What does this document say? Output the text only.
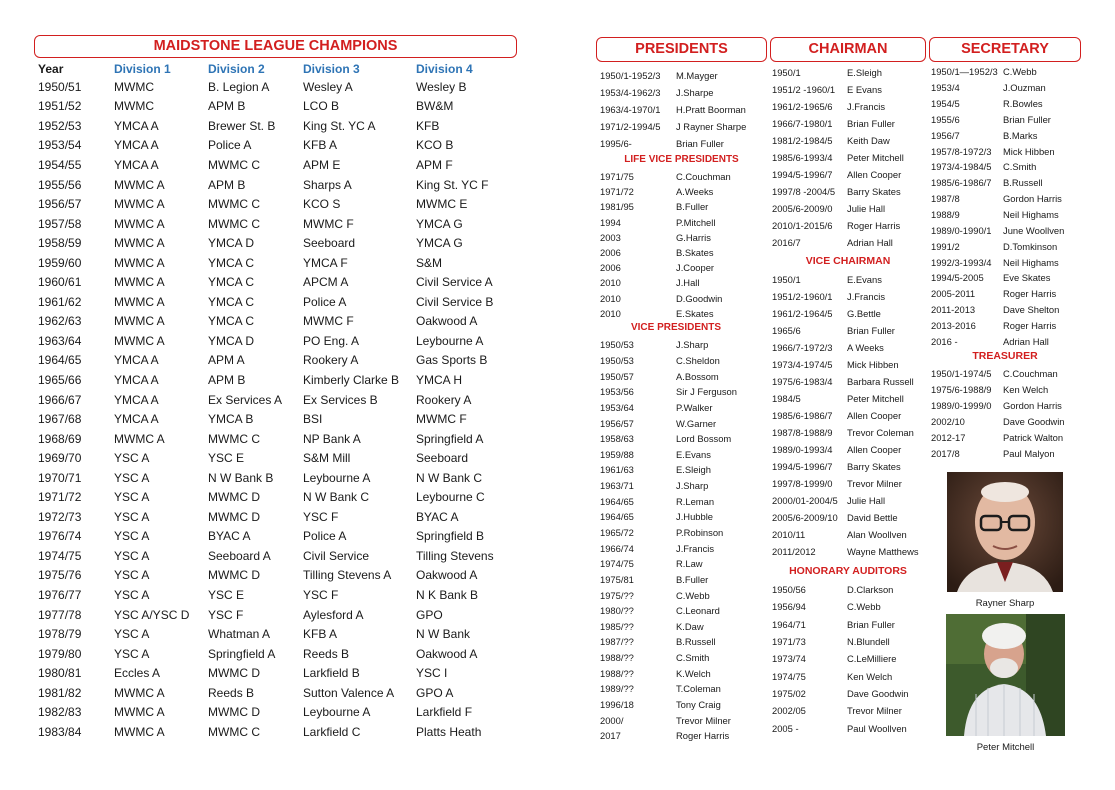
MAIDSTONE LEAGUE CHAMPIONS
Year	Division 1	Division 2	Division 3	Division 4
1950/51	MWMC	B. Legion A	Wesley A	Wesley B
1951/52	MWMC	APM B	LCO B	BW&M
1952/53	YMCA A	Brewer St. B	King St. YC A	KFB
1953/54	YMCA A	Police A	KFB A	KCO B
1954/55	YMCA A	MWMC C	APM E	APM F
1955/56	MWMC A	APM B	Sharps A	King St. YC F
1956/57	MWMC A	MWMC C	KCO S	MWMC E
1957/58	MWMC A	MWMC C	MWMC F	YMCA G
1958/59	MWMC A	YMCA D	Seeboard	YMCA G
1959/60	MWMC A	YMCA C	YMCA F	S&M
1960/61	MWMC A	YMCA C	APCM A	Civil Service A
1961/62	MWMC A	YMCA C	Police A	Civil Service B
1962/63	MWMC A	YMCA C	MWMC F	Oakwood A
1963/64	MWMC A	YMCA D	PO Eng. A	Leybourne A
1964/65	YMCA A	APM A	Rookery A	Gas Sports B
1965/66	YMCA A	APM B	Kimberly Clarke B	YMCA H
1966/67	YMCA A	Ex Services A	Ex Services B	Rookery A
1967/68	YMCA A	YMCA B	BSI	MWMC F
1968/69	MWMC A	MWMC C	NP Bank A	Springfield A
1969/70	YSC A	YSC E	S&M Mill	Seeboard
1970/71	YSC A	N W Bank B	Leybourne A	N W Bank C
1971/72	YSC A	MWMC D	N W Bank C	Leybourne C
1972/73	YSC A	MWMC D	YSC F	BYAC A
1976/74	YSC A	BYAC A	Police A	Springfield B
1974/75	YSC A	Seeboard A	Civil Service	Tilling Stevens
1975/76	YSC A	MWMC D	Tilling Stevens A	Oakwood A
1976/77	YSC A	YSC E	YSC F	N K Bank B
1977/78	YSC A/YSC D	YSC F	Aylesford A	GPO
1978/79	YSC A	Whatman A	KFB A	N W Bank
1979/80	YSC A	Springfield A	Reeds B	Oakwood A
1980/81	Eccles A	MWMC D	Larkfield B	YSC I
1981/82	MWMC A	Reeds B	Sutton Valence A	GPO A
1982/83	MWMC A	MWMC D	Leybourne A	Larkfield F
1983/84	MWMC A	MWMC C	Larkfield C	Platts Heath
PRESIDENTS
1950/1-1952/3	M.Mayger
1953/4-1962/3	J.Sharpe
1963/4-1970/1	H.Pratt Boorman
1971/2-1994/5	J Rayner Sharpe
1995/6-	Brian Fuller
LIFE VICE PRESIDENTS
1971/75	C.Couchman
1971/72	A.Weeks
1981/95	B.Fuller
1994	P.Mitchell
2003	G.Harris
2006	B.Skates
2006	J.Cooper
2010	J.Hall
2010	D.Goodwin
2010	E.Skates
VICE PRESIDENTS
1950/53	J.Sharp
1950/53	C.Sheldon
1950/57	A.Bossom
1953/56	Sir J Ferguson
1953/64	P.Walker
1956/57	W.Garner
1958/63	Lord Bossom
1959/88	E.Evans
1961/63	E.Sleigh
1963/71	J.Sharp
1964/65	R.Leman
1964/65	J.Hubble
1965/72	P.Robinson
1966/74	J.Francis
1974/75	R.Law
1975/81	B.Fuller
1975/??	C.Webb
1980/??	C.Leonard
1985/??	K.Daw
1987/??	B.Russell
1988/??	C.Smith
1988/??	K.Welch
1989/??	T.Coleman
1996/18	Tony Craig
2000/	Trevor Milner
2017	Roger Harris
CHAIRMAN
1950/1	E.Sleigh
1951/2 -1960/1	E Evans
1961/2-1965/6	J.Francis
1966/7-1980/1	Brian Fuller
1981/2-1984/5	Keith Daw
1985/6-1993/4	Peter Mitchell
1994/5-1996/7	Allen Cooper
1997/8 -2004/5	Barry Skates
2005/6-2009/0	Julie Hall
2010/1-2015/6	Roger Harris
2016/7	Adrian Hall
VICE CHAIRMAN
1950/1	E.Evans
1951/2-1960/1	J.Francis
1961/2-1964/5	G.Bettle
1965/6	Brian Fuller
1966/7-1972/3	A Weeks
1973/4-1974/5	Mick Hibben
1975/6-1983/4	Barbara Russell
1984/5	Peter Mitchell
1985/6-1986/7	Allen Cooper
1987/8-1988/9	Trevor Coleman
1989/0-1993/4	Allen Cooper
1994/5-1996/7	Barry Skates
1997/8-1999/0	Trevor Milner
2000/01-2004/5 Julie Hall
2005/6-2009/10 David Bettle
2010/11	Alan Woollven
2011/2012	Wayne Matthews
HONORARY AUDITORS
1950/56	D.Clarkson
1956/94	C.Webb
1964/71	Brian Fuller
1971/73	N.Blundell
1973/74	C.LeMilliere
1974/75	Ken Welch
1975/02	Dave Goodwin
2002/05	Trevor Milner
2005 -	Paul Woollven
SECRETARY
1950/1—1952/3 C.Webb
1953/4	J.Ouzman
1954/5	R.Bowles
1955/6	Brian Fuller
1956/7	B.Marks
1957/8-1972/3	Mick Hibben
1973/4-1984/5	C.Smith
1985/6-1986/7	B.Russell
1987/8	Gordon Harris
1988/9	Neil Highams
1989/0-1990/1	June Woollven
1991/2	D.Tomkinson
1992/3-1993/4	Neil Highams
1994/5-2005	Eve Skates
2005-2011	Roger Harris
2011-2013	Dave Shelton
2013-2016	Roger Harris
2016 -	Adrian Hall
TREASURER
1950/1-1974/5	C.Couchman
1975/6-1988/9	Ken Welch
1989/0-1999/0	Gordon Harris
2002/10	Dave Goodwin
2012-17	Patrick Walton
2017/8	Paul Malyon
Rayner Sharp
Peter Mitchell
